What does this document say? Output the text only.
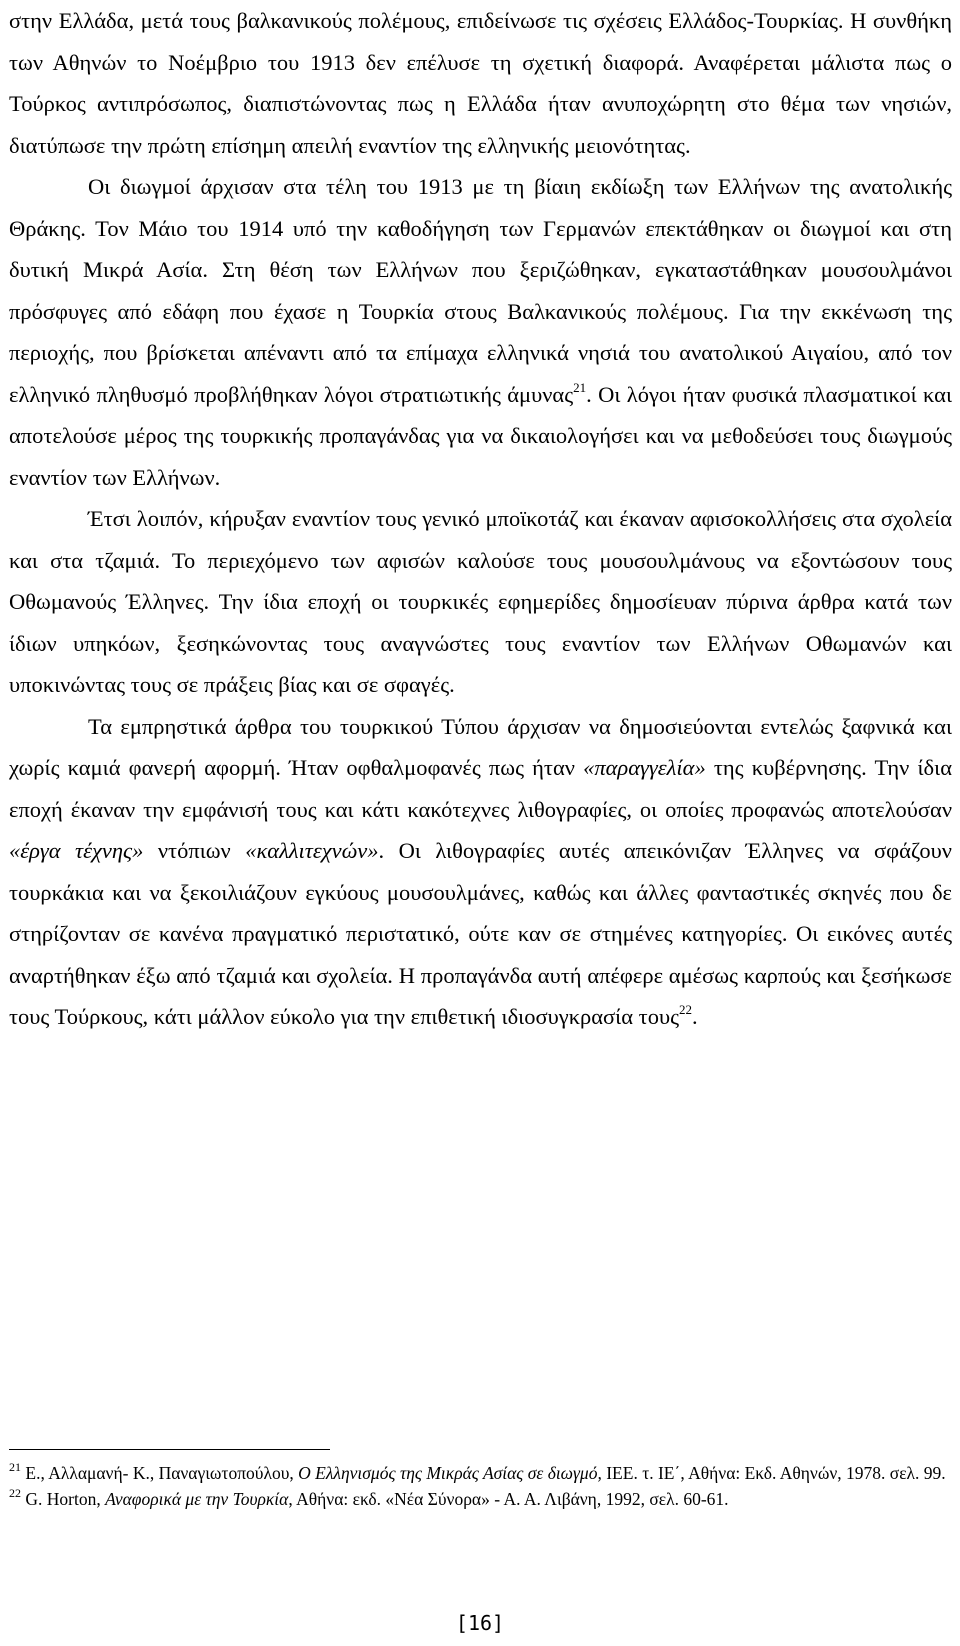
στην Ελλάδα, μετά τους βαλκανικούς πολέμους, επιδείνωσε τις σχέσεις Ελλάδος-Τουρκίας. Η συνθήκη των Αθηνών το Νοέμβριο του 1913 δεν επέλυσε τη σχετική διαφορά. Αναφέρεται μάλιστα πως ο Τούρκος αντιπρόσωπος, διαπιστώνοντας πως η Ελλάδα ήταν ανυποχώρητη στο θέμα των νησιών, διατύπωσε την πρώτη επίσημη απειλή εναντίον της ελληνικής μειονότητας.

Οι διωγμοί άρχισαν στα τέλη του 1913 με τη βίαιη εκδίωξη των Ελλήνων της ανατολικής Θράκης. Τον Μάιο του 1914 υπό την καθοδήγηση των Γερμανών επεκτάθηκαν οι διωγμοί και στη δυτική Μικρά Ασία. Στη θέση των Ελλήνων που ξεριζώθηκαν, εγκαταστάθηκαν μουσουλμάνοι πρόσφυγες από εδάφη που έχασε η Τουρκία στους Βαλκανικούς πολέμους. Για την εκκένωση της περιοχής, που βρίσκεται απέναντι από τα επίμαχα ελληνικά νησιά του ανατολικού Αιγαίου, από τον ελληνικό πληθυσμό προβλήθηκαν λόγοι στρατιωτικής άμυνας$^{21}$. Οι λόγοι ήταν φυσικά πλασματικοί και αποτελούσε μέρος της τουρκικής προπαγάνδας για να δικαιολογήσει και να μεθοδεύσει τους διωγμούς εναντίον των Ελλήνων.

Έτσι λοιπόν, κήρυξαν εναντίον τους γενικό μποϊκοτάζ και έκαναν αφισοκολλήσεις στα σχολεία και στα τζαμιά. Το περιεχόμενο των αφισών καλούσε τους μουσουλμάνους να εξοντώσουν τους Οθωμανούς Έλληνες. Την ίδια εποχή οι τουρκικές εφημερίδες δημοσίευαν πύρινα άρθρα κατά των ίδιων υπηκόων, ξεσηκώνοντας τους αναγνώστες τους εναντίον των Ελλήνων Οθωμανών και υποκινώντας τους σε πράξεις βίας και σε σφαγές.

Τα εμπρηστικά άρθρα του τουρκικού Τύπου άρχισαν να δημοσιεύονται εντελώς ξαφνικά και χωρίς καμιά φανερή αφορμή. Ήταν οφθαλμοφανές πως ήταν «παραγγελία» της κυβέρνησης. Την ίδια εποχή έκαναν την εμφάνισή τους και κάτι κακότεχνες λιθογραφίες, οι οποίες προφανώς αποτελούσαν «έργα τέχνης» ντόπιων «καλλιτεχνών». Οι λιθογραφίες αυτές απεικόνιζαν Έλληνες να σφάζουν τουρκάκια και να ξεκοιλιάζουν εγκύους μουσουλμάνες, καθώς και άλλες φανταστικές σκηνές που δε στηρίζονταν σε κανένα πραγματικό περιστατικό, ούτε καν σε στημένες κατηγορίες. Οι εικόνες αυτές αναρτήθηκαν έξω από τζαμιά και σχολεία. Η προπαγάνδα αυτή απέφερε αμέσως καρπούς και ξεσήκωσε τους Τούρκους, κάτι μάλλον εύκολο για την επιθετική ιδιοσυγκρασία τους$^{22}$.

$^{21}$ Ε., Αλλαμανή- Κ., Παναγιωτοπούλου, Ο Ελληνισμός της Μικράς Ασίας σε διωγμό, ΙΕΕ. τ. ΙΕ΄, Αθήνα: Εκδ. Αθηνών, 1978. σελ. 99.

$^{22}$ G. Horton, Αναφορικά με την Τουρκία, Αθήνα: εκδ. «Νέα Σύνορα» - Α. Α. Λιβάνη, 1992, σελ. 60-61.

[16]
